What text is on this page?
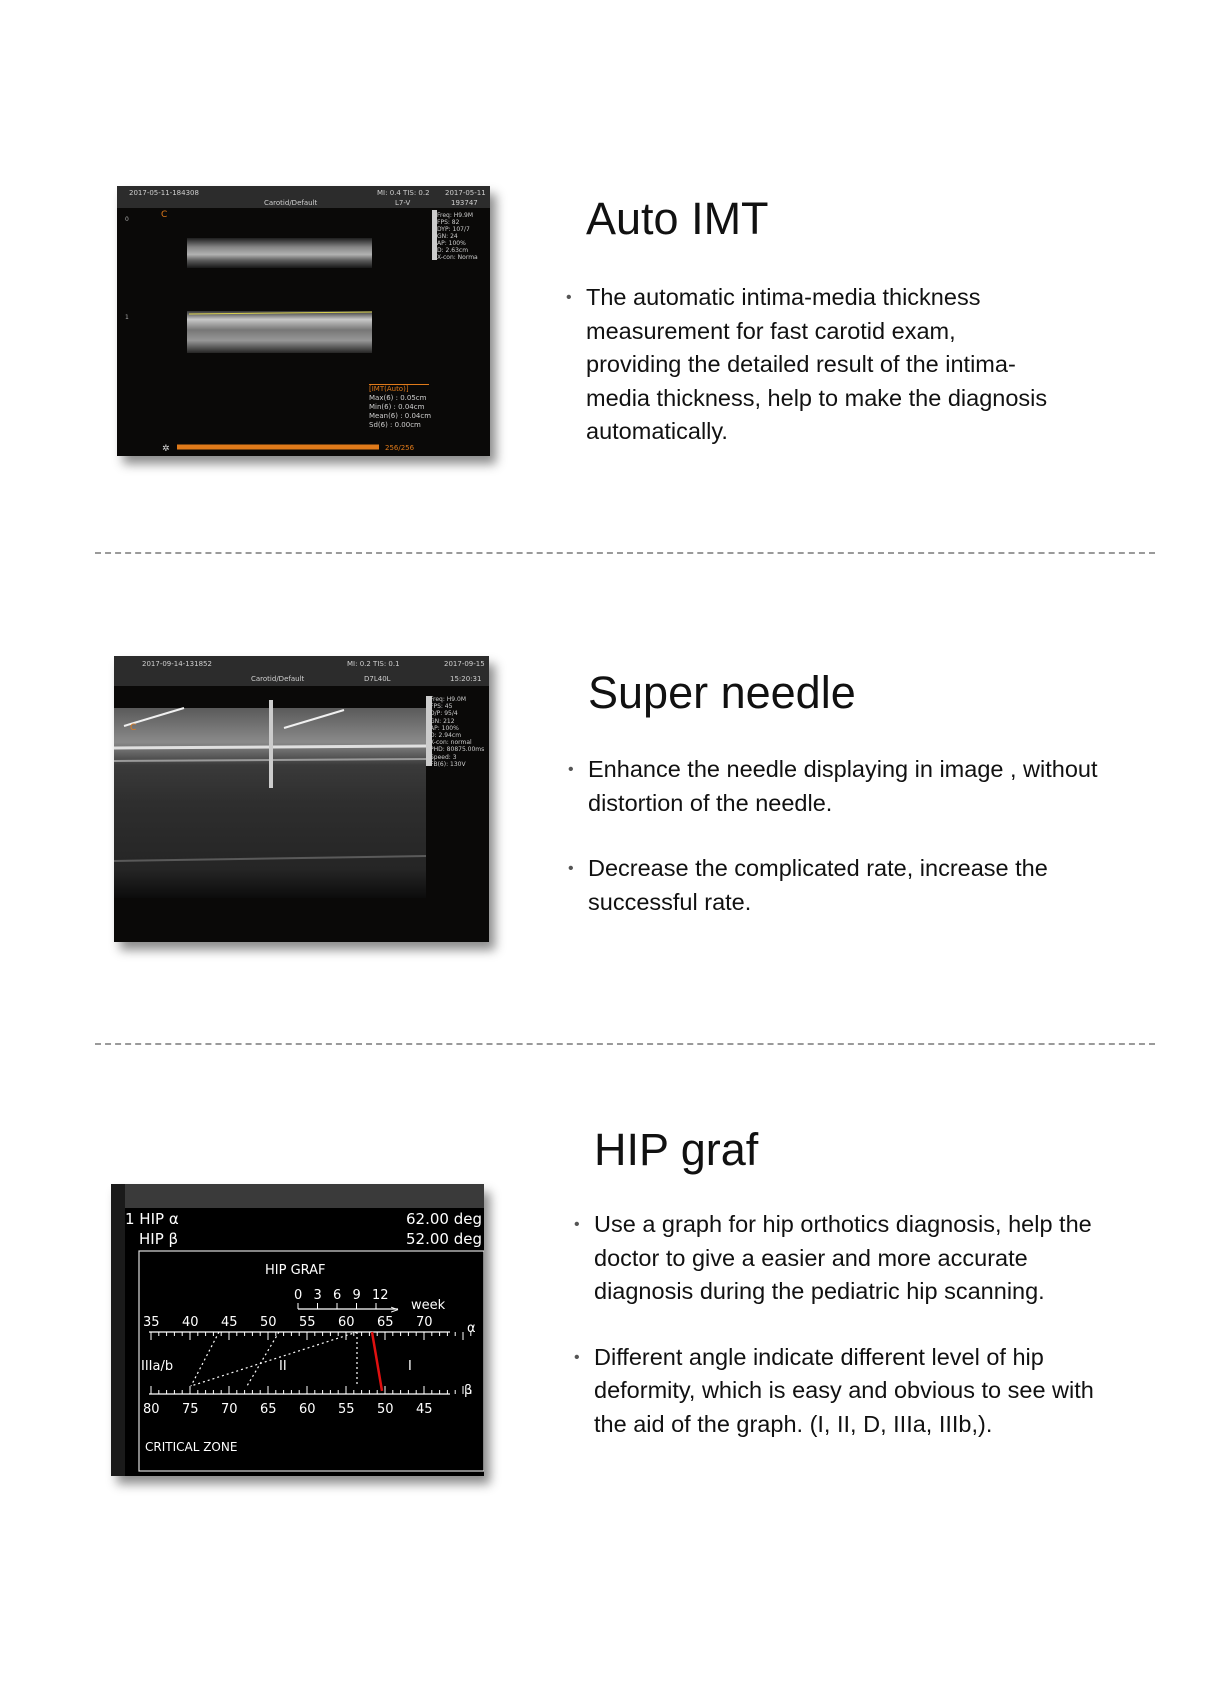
2017-05-11-184308
Carotid/Default
MI: 0.4 TIS: 0.2
L7-V
2017-05-11
193747
C
0
1
✲
Freq: H9.9M
FPS: 82
DYP: 107/7
GN: 24
AP: 100%
D: 2.63cm
X-con: Norma
[IMT(Auto)]
Max(6) : 0.05cm
Min(6) : 0.04cm
Mean(6) : 0.04cm
Sd(6) : 0.00cm
256/256
Auto IMT
• The automatic intima-media thickness measurement for fast carotid exam, providing the detailed result of the intima-media thickness, help to make the diagnosis automatically.
2017-09-14-131852
Carotid/Default
MI: 0.2 TIS: 0.1
D7L40L
2017-09-15
15:20:31
C
Freq: H9.0M
FPS: 45
D/P: 95/4
GN: 212
AP: 100%
D: 2.94cm
X-con: normal
PHD: 80875.00ms
Speed: 3
FB(6): 130V
Super needle
• Enhance the needle displaying in image , without distortion of the needle.
• Decrease the complicated rate, increase the successful rate.
1 HIP α	62.00 deg
HIP β	52.00 deg
HIP GRAF
>
0 3 6 9 12
week
35 40 45 50 55 60 65 70	α
80 75 70 65 60 55 50 45
β
IIIa/b	II	I
CRITICAL ZONE
HIP graf
• Use a graph for hip orthotics diagnosis, help the doctor to give a easier and more accurate diagnosis during the pediatric hip scanning.
• Different angle indicate different level of hip deformity, which is easy and obvious to see with the aid of the graph. (I, II, D, IIIa, IIIb,).
